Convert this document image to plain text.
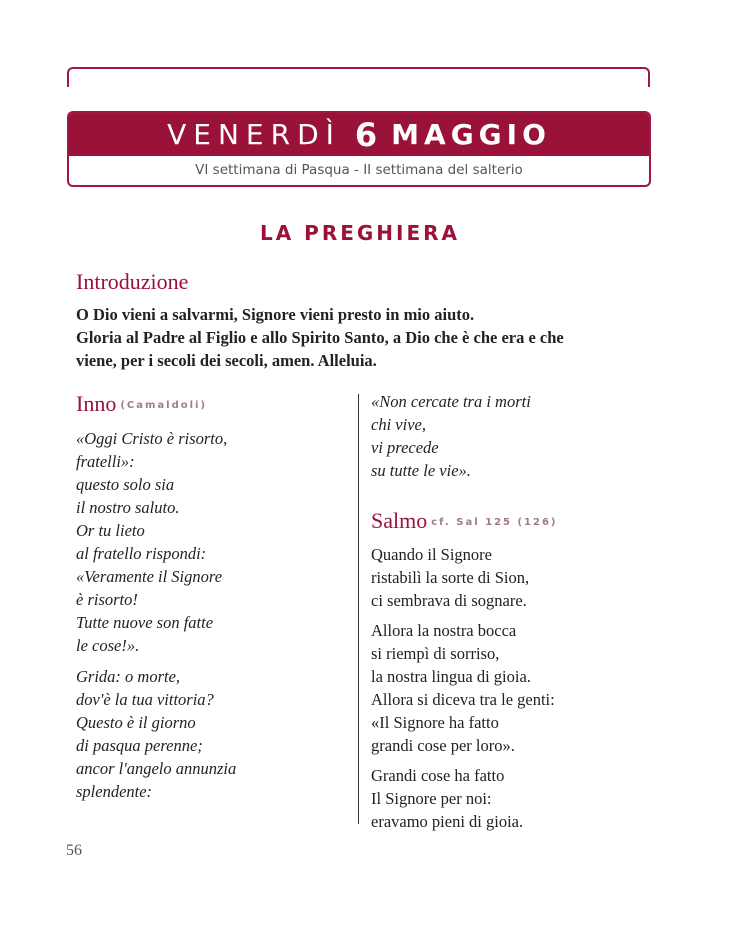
VENERDÌ 6 MAGGIO
VI settimana di Pasqua - II settimana del salterio
LA PREGHIERA
Introduzione
O Dio vieni a salvarmi, Signore vieni presto in mio aiuto.
Gloria al Padre al Figlio e allo Spirito Santo, a Dio che è che era e che
viene, per i secoli dei secoli, amen. Alleluia.
Inno (Camaldoli)
«Oggi Cristo è risorto,
fratelli»:
questo solo sia
il nostro saluto.
Or tu lieto
al fratello rispondi:
«Veramente il Signore
è risorto!
Tutte nuove son fatte
le cose!».
Grida: o morte,
dov'è la tua vittoria?
Questo è il giorno
di pasqua perenne;
ancor l'angelo annunzia
splendente:
«Non cercate tra i morti
chi vive,
vi precede
su tutte le vie».
Salmo cf. Sal 125 (126)
Quando il Signore
ristabilì la sorte di Sion,
ci sembrava di sognare.
Allora la nostra bocca
si riempì di sorriso,
la nostra lingua di gioia.
Allora si diceva tra le genti:
«Il Signore ha fatto
grandi cose per loro».
Grandi cose ha fatto
Il Signore per noi:
eravamo pieni di gioia.
56
